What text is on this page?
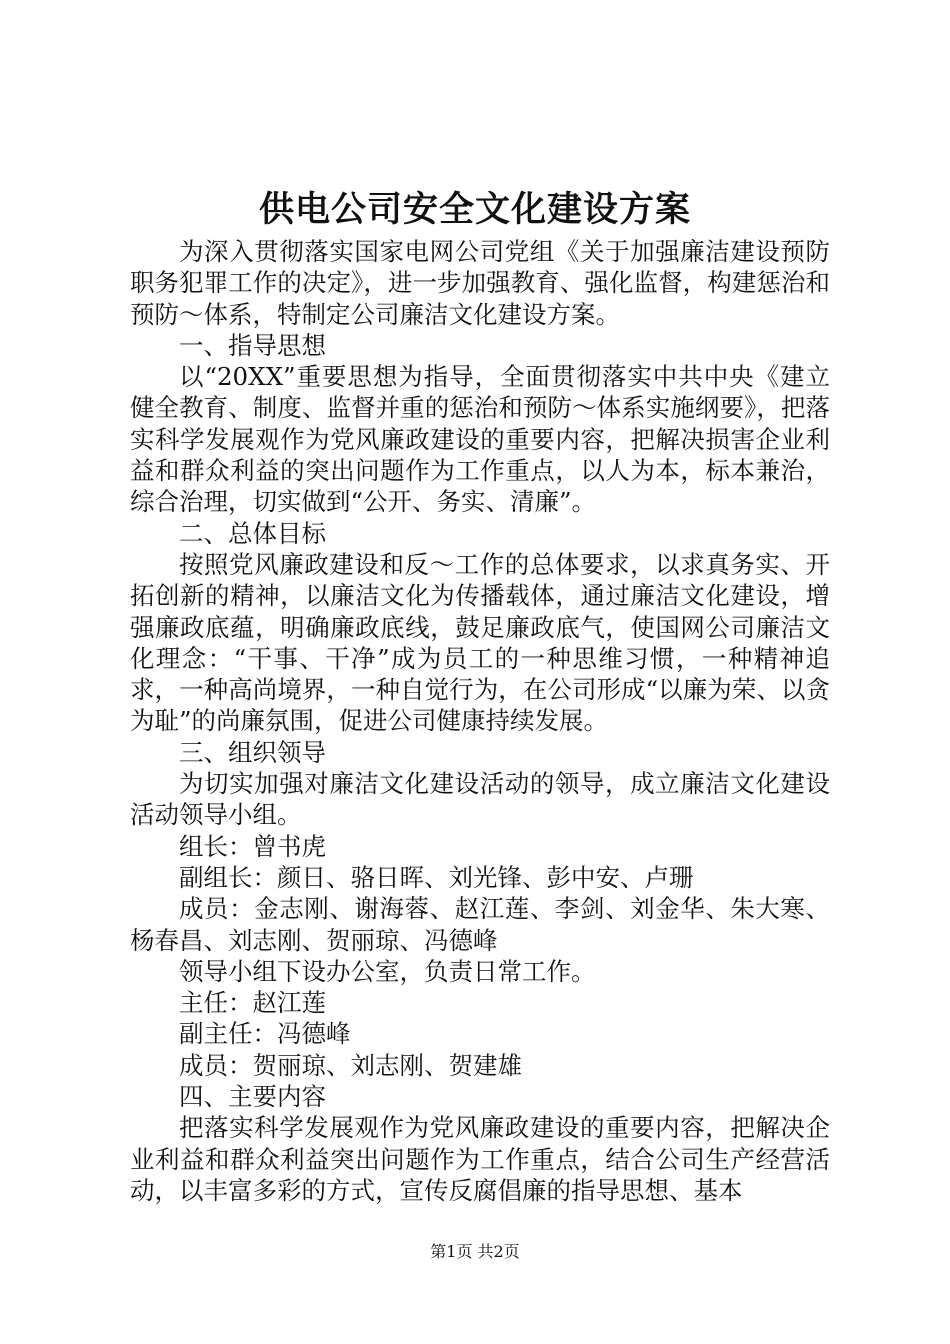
供电公司安全文化建设方案

为深入贯彻落实国家电网公司党组《关于加强廉洁建设预防职务犯罪工作的决定》，进一步加强教育、强化监督，构建惩治和预防～体系，特制定公司廉洁文化建设方案。

一、指导思想

以“20XX”重要思想为指导，全面贯彻落实中共中央《建立健全教育、制度、监督并重的惩治和预防～体系实施纲要》，把落实科学发展观作为党风廉政建设的重要内容，把解决损害企业利益和群众利益的突出问题作为工作重点，以人为本，标本兼治，综合治理，切实做到“公开、务实、清廉”。

二、总体目标

按照党风廉政建设和反～工作的总体要求，以求真务实、开拓创新的精神，以廉洁文化为传播载体，通过廉洁文化建设，增强廉政底蕴，明确廉政底线，鼓足廉政底气，使国网公司廉洁文化理念：“干事、干净”成为员工的一种思维习惯，一种精神追求，一种高尚境界，一种自觉行为，在公司形成“以廉为荣、以贪为耻”的尚廉氛围，促进公司健康持续发展。

三、组织领导

为切实加强对廉洁文化建设活动的领导，成立廉洁文化建设活动领导小组。

组长：曾书虎

副组长：颜日、骆日晖、刘光锋、彭中安、卢珊

成员：金志刚、谢海蓉、赵江莲、李剑、刘金华、朱大寒、杨春昌、刘志刚、贺丽琼、冯德峰

领导小组下设办公室，负责日常工作。

主任：赵江莲

副主任：冯德峰

成员：贺丽琼、刘志刚、贺建雄

四、主要内容

把落实科学发展观作为党风廉政建设的重要内容，把解决企业利益和群众利益突出问题作为工作重点，结合公司生产经营活动，以丰富多彩的方式，宣传反腐倡廉的指导思想、基本

第1页 共2页
